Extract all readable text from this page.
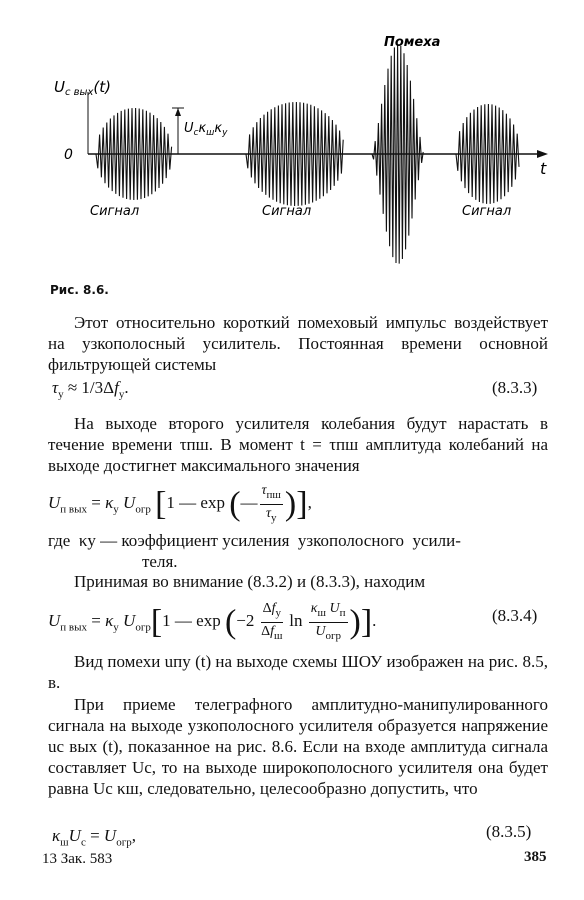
$U_{c вых}(t)$
0
t
$U_c\kappa_ш\kappa_у$
Сигнал	Сигнал	Сигнал
Помеха
Рис. 8.6.

Этот относительно короткий помеховый импульс воздействует на узкополосный усилитель. Постоянная времени основной фильтрующей системы

$\tau_у \approx 1/3\Delta f_у$.	(8.3.3)

На выходе второго усилителя колебания будут нарастать в течение времени τпш. В момент t = τпш амплитуда колебаний на выходе достигнет максимального значения

$U_{п вых} = \kappa_у$ $U_{огр}$ [1 — exp (—
$\tau_{пш}$
$\tau_у$ )],
где  κу — коэффициент усиления  узкополосного  усили-
теля.

Принимая во внимание (8.3.2) и (8.3.3), находим

$U_{п вых} = \kappa_у$ $U_{огр}[1$ — exp (−2
$\Delta f_у$
$\Delta f_ш$
ln
$\kappa_ш$ $U_п$
$U_{огр}$ )].	(8.3.4)

Вид помехи uпу (t) на выходе схемы ШОУ изображен на рис. 8.5, в.

При приеме телеграфного амплитудно-манипулированного сигнала на выходе узкополосного усилителя образуется напряжение uс вых (t), показанное на рис. 8.6. Если на входе амплитуда сигнала составляет Uс, то на выходе широкополосного усилителя она будет равна Uс κш, следовательно, целесообразно допустить, что

$\kappa_шU_с = U_{огр}$,	(8.3.5)
13 Зак. 583	385
